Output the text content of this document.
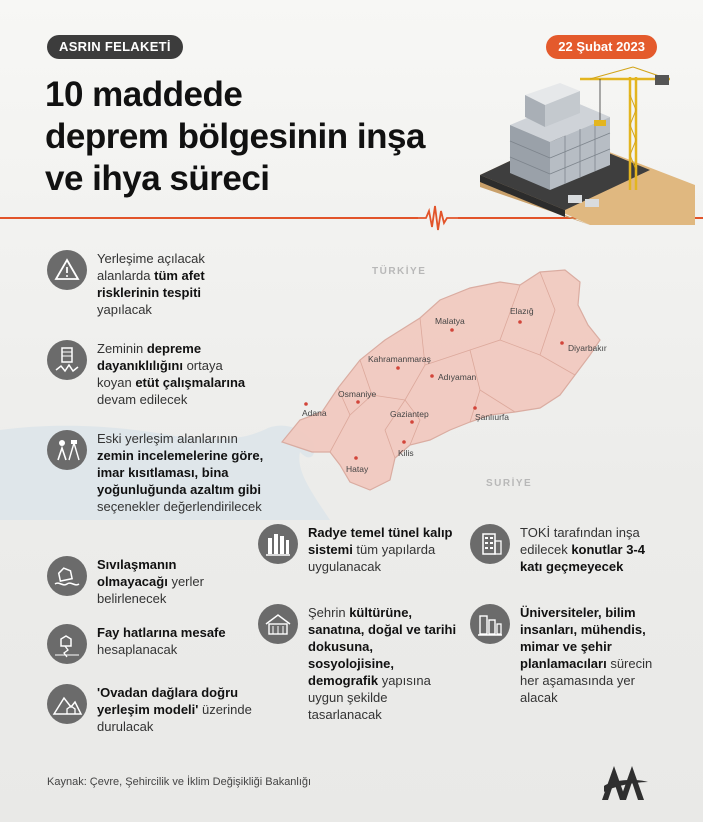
TÜRKİYE
SURİYE
Malatya
Elazığ
Diyarbakır
Kahramanmaraş
Adıyaman
Osmaniye
Adana	Gaziantep	Şanlıurfa
Kilis
Hatay
ASRIN FELAKETİ	22 Şubat 2023
10 maddede
deprem bölgesinin inşa
ve ihya süreci
Yerleşime açılacak alanlarda tüm afet risklerinin tespiti yapılacak
Zeminin depreme dayanıklılığını ortaya koyan etüt çalışmalarına devam edilecek
Eski yerleşim alanlarının zemin incelemelerine göre, imar kısıtlaması, bina yoğunluğunda azaltım gibi seçenekler değerlendirilecek
Sıvılaşmanın olmayacağı yerler belirlenecek
Fay hatlarına mesafe hesaplanacak
'Ovadan dağlara doğru yerleşim modeli' üzerinde durulacak
Radye temel tünel kalıp sistemi tüm yapılarda uygulanacak
Şehrin kültürüne, sanatına, doğal ve tarihi dokusuna, sosyolojisine, demografik yapısına uygun şekilde tasarlanacak
TOKİ tarafından inşa edilecek konutlar 3-4 katı geçmeyecek
Üniversiteler, bilim insanları, mühendis, mimar ve şehir planlamacıları sürecin her aşamasında yer alacak
Kaynak: Çevre, Şehircilik ve İklim Değişikliği Bakanlığı
